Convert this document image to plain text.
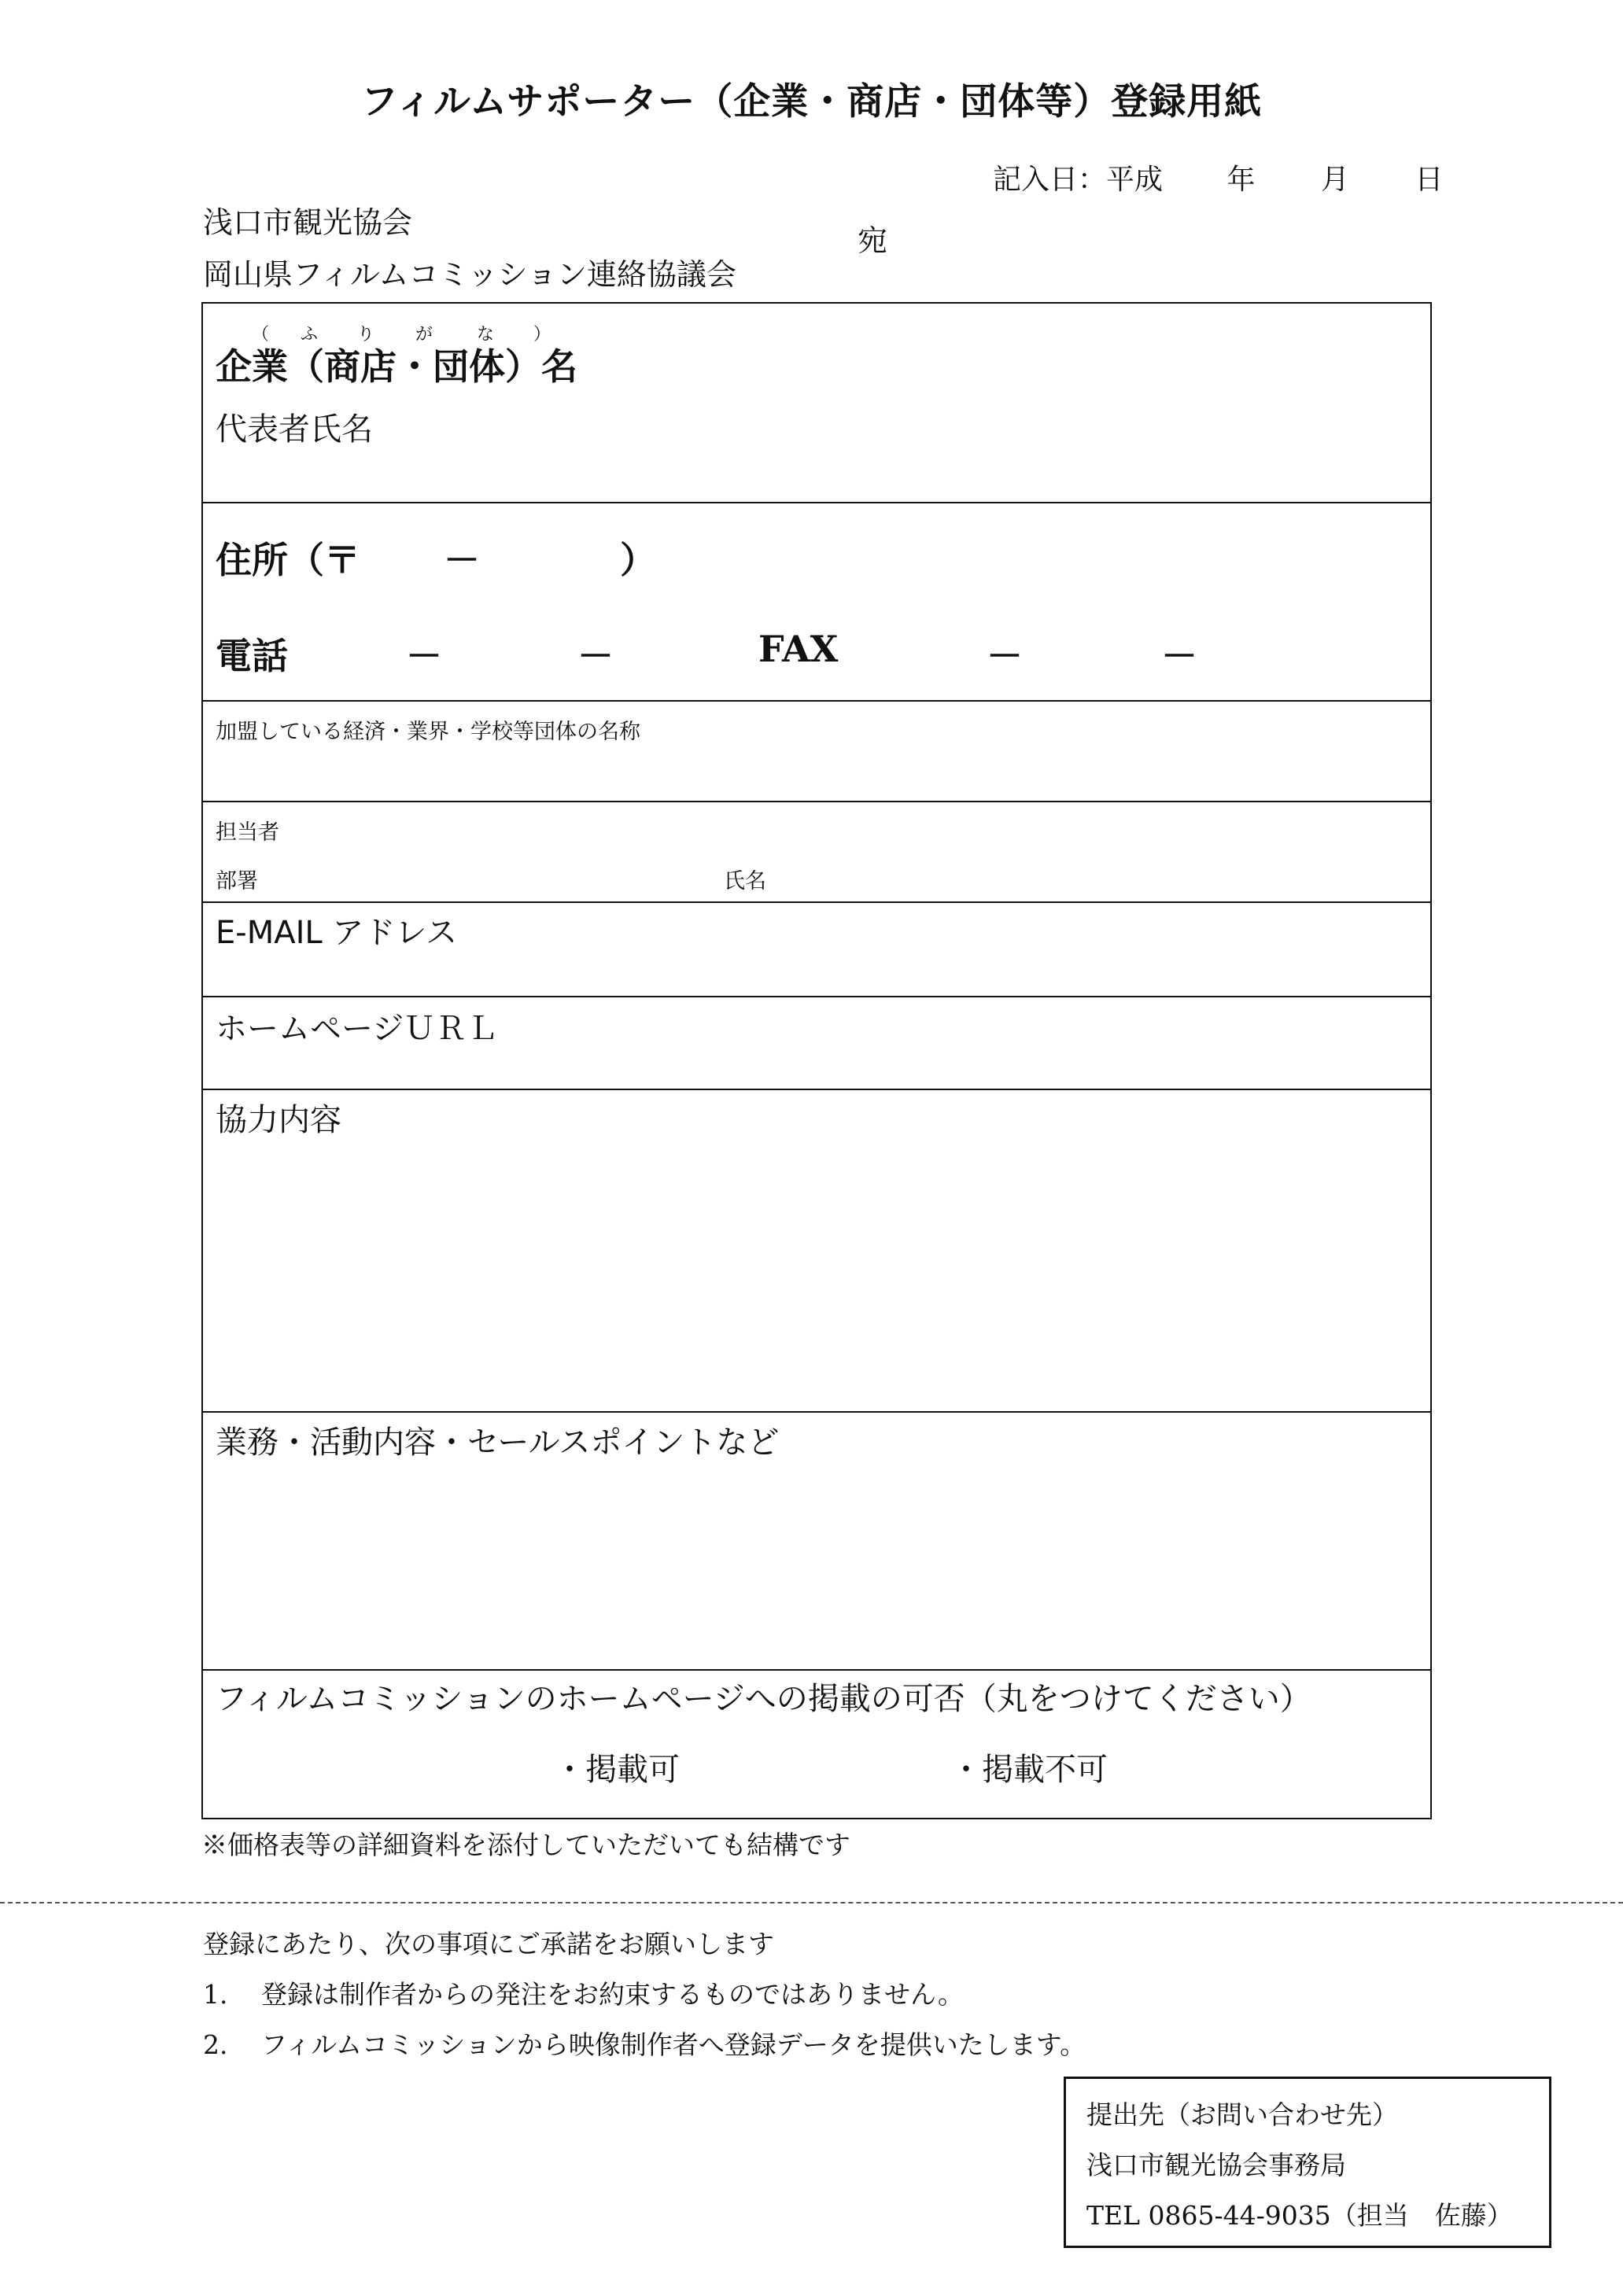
フィルムサポーター（企業・商店・団体等）登録用紙
記入日：平成 年 月 日
浅口市観光協会
岡山県フィルムコミッション連絡協議会
宛
（ ふ り が	な ）
企業（商店・団体）名
代表者氏名
住所（〒 －	）
電話	－	－	FAX	－	－
加盟している経済・業界・学校等団体の名称
担当者
部署	氏名
E-MAIL アドレス
ホームページＵＲＬ
協力内容
業務・活動内容・セールスポイントなど
フィルムコミッションのホームページへの掲載の可否（丸をつけてください）
・掲載可	・掲載不可
※価格表等の詳細資料を添付していただいても結構です
登録にあたり、次の事項にご承諾をお願いします
1. 登録は制作者からの発注をお約束するものではありません。
2. フィルムコミッションから映像制作者へ登録データを提供いたします。
提出先（お問い合わせ先）
浅口市観光協会事務局
TEL 0865-44-9035（担当　佐藤）
